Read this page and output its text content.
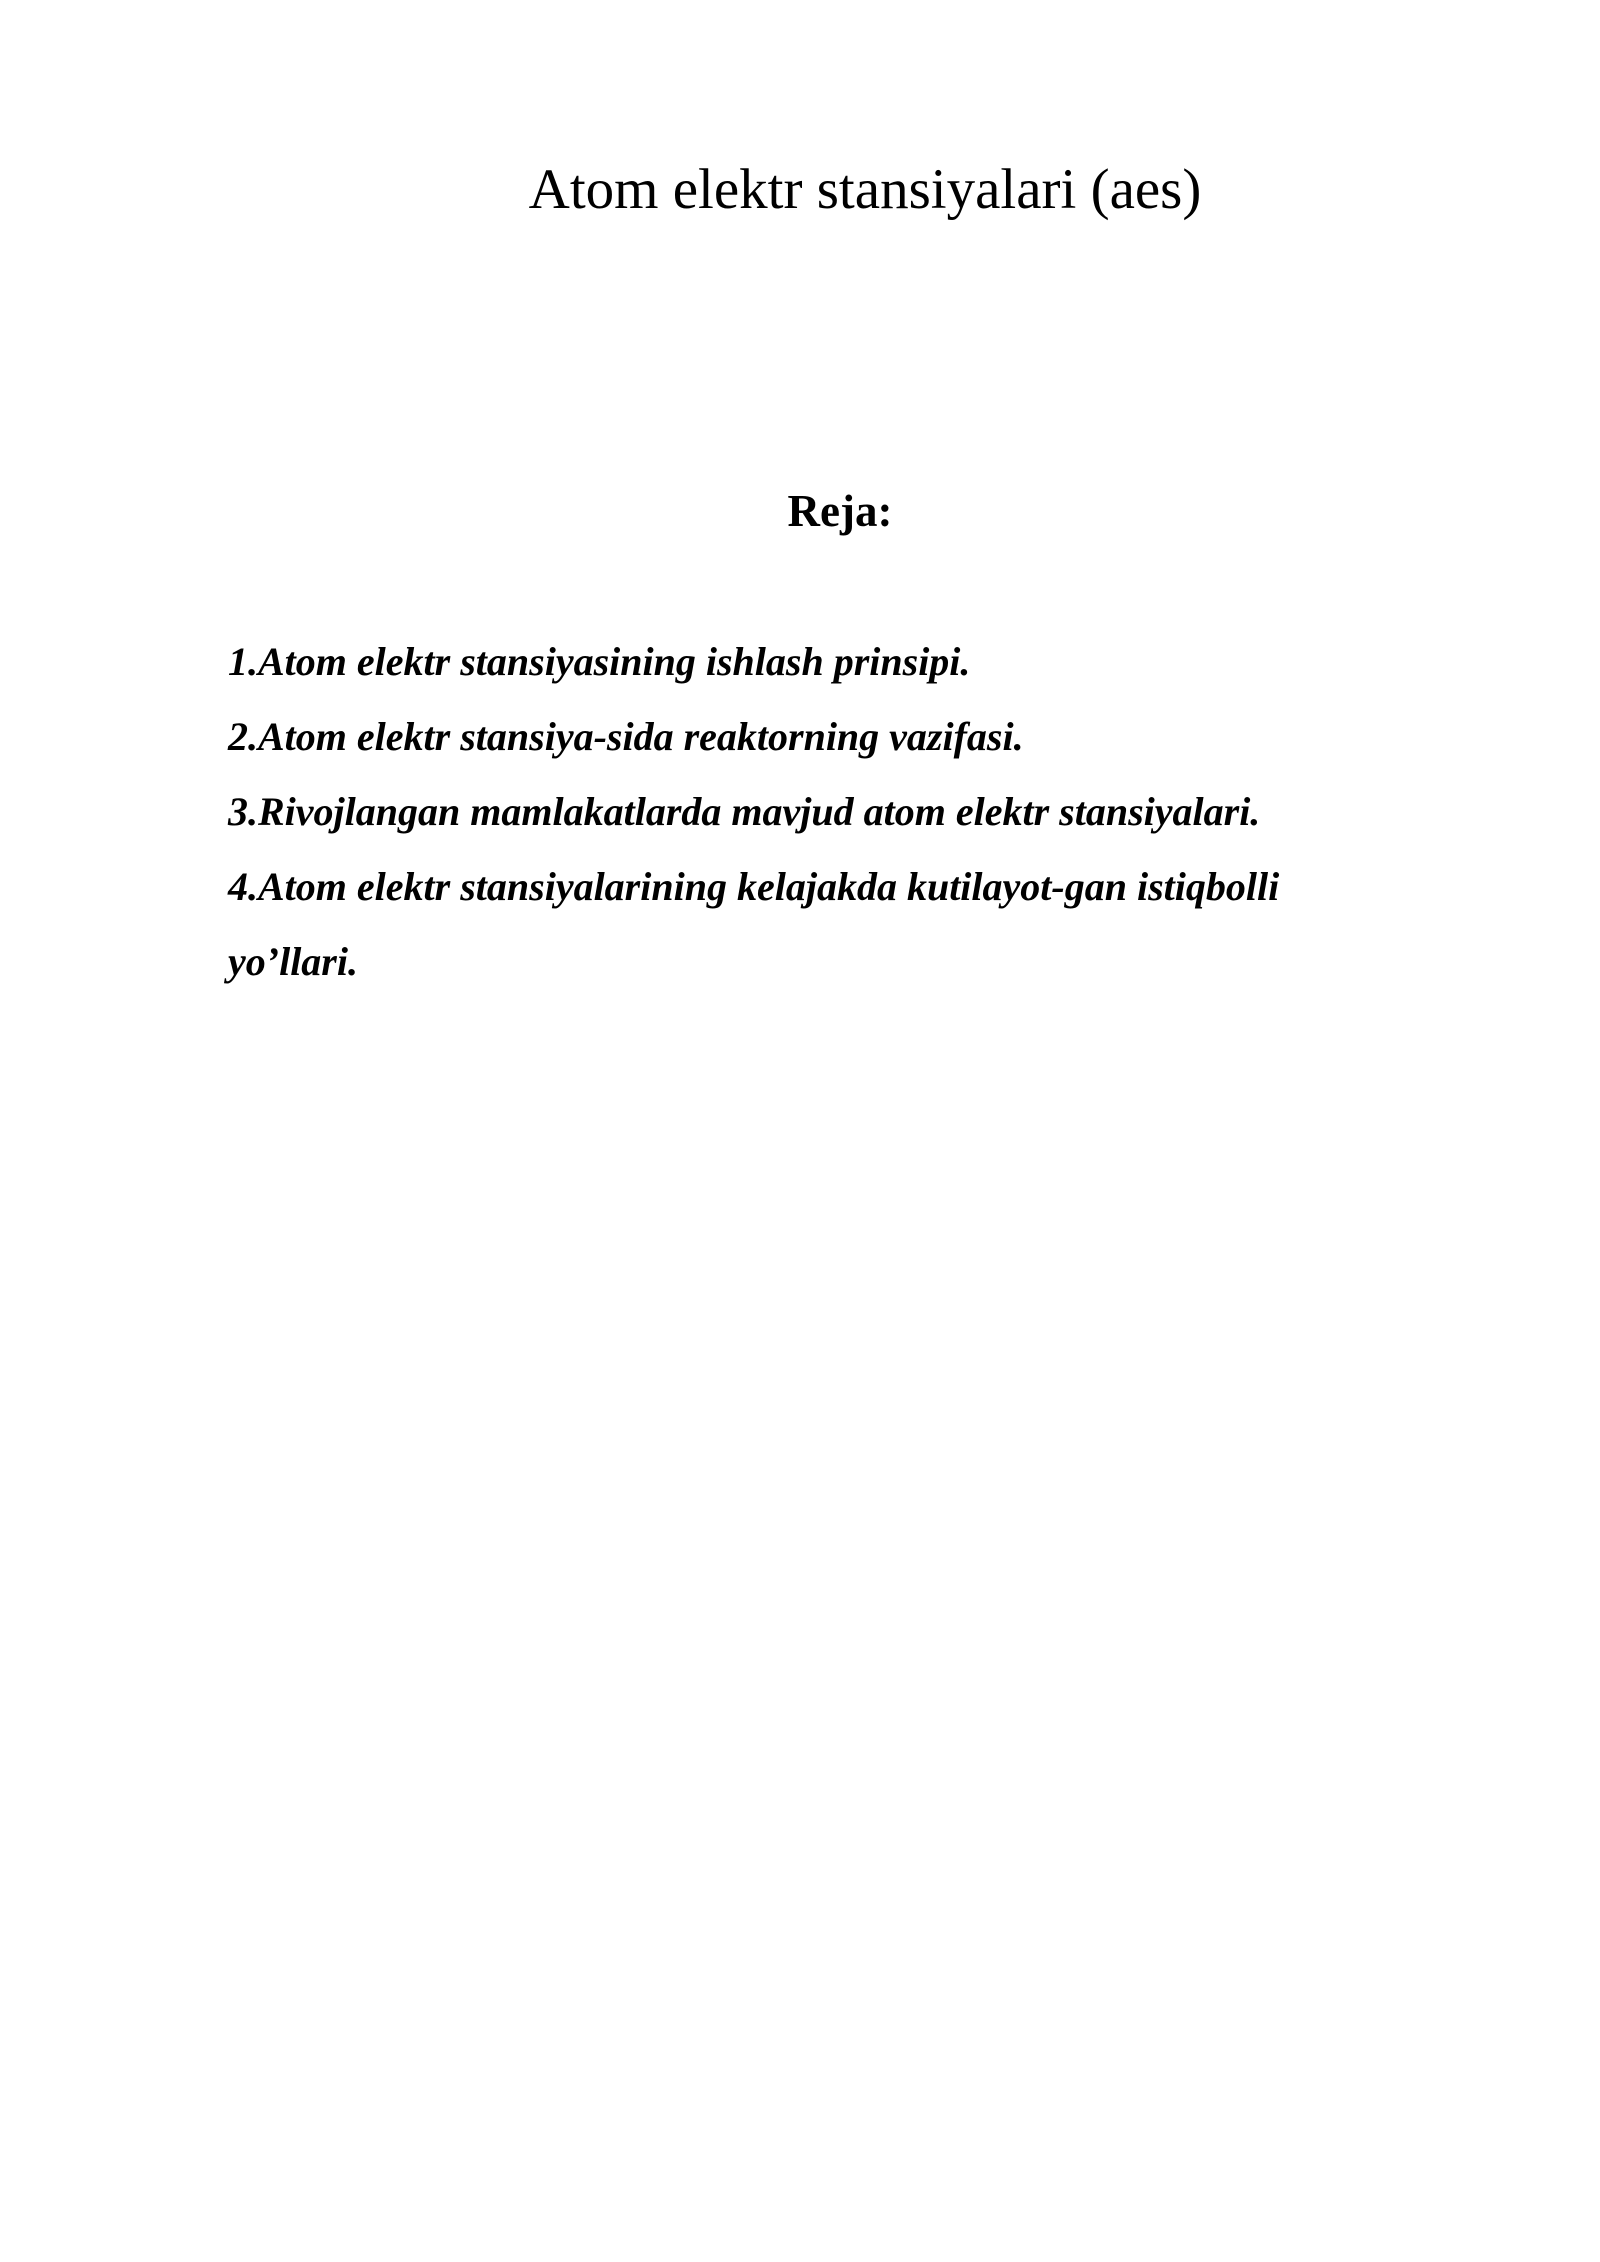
Atom elektr stansiyalari (aes)
Reja:
1.Atom elektr stansiyasining ishlash prinsipi.
2.Atom elektr stansiya-sida reaktorning vazifasi.
3.Rivojlangan mamlakatlarda mavjud atom elektr stansiyalari.
4.Atom elektr stansiyalarining kelajakda kutilayot-gan istiqbolli yo’llari.
